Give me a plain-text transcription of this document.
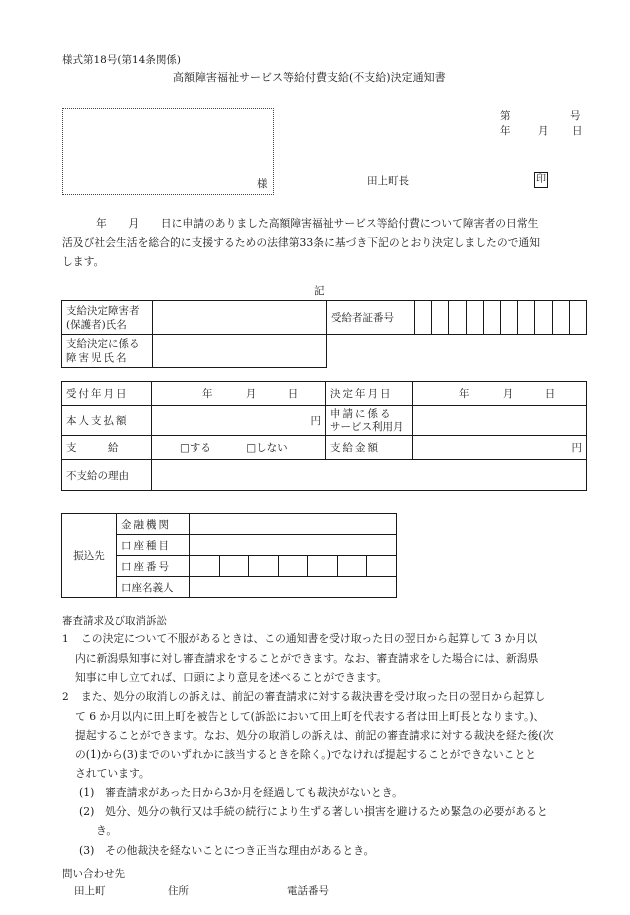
様式第18号(第14条関係)
高額障害福祉サービス等給付費支給(不支給)決定通知書
第	号
年	月 日
様	田上町長	印
年　　月　　日に申請のありました高額障害福祉サービス等給付費について障害者の日常生
活及び社会生活を総合的に支援するための法律第33条に基づき下記のとおり決定しましたので通知
します。
記
支給決定障害者
(保護者)氏名		受給者証番号										
支給決定に係る
障害児氏名												
受付年月日	年 月 日	決定年月日	年 月 日
本人支払額	円	申請に係る
サービス利用月	
支　　　給	□する □しない	支給金額	円
不支給の理由			
振込先	金融機関							
	口座種目							
	口座番号							
	口座名義人							
審査請求及び取消訴訟
1 この決定について不服があるときは、この通知書を受け取った日の翌日から起算して 3 か月以
内に新潟県知事に対し審査請求をすることができます。なお、審査請求をした場合には、新潟県
知事に申し立てれば、口頭により意見を述べることができます。
2 また、処分の取消しの訴えは、前記の審査請求に対する裁決書を受け取った日の翌日から起算し
て 6 か月以内に田上町を被告として(訴訟において田上町を代表する者は田上町長となります。)、
提起することができます。なお、処分の取消しの訴えは、前記の審査請求に対する裁決を経た後(次
の(1)から(3)までのいずれかに該当するときを除く。)でなければ提起することができないことと
されています。
(1)　審査請求があった日から3か月を経過しても裁決がないとき。
(2)　処分、処分の執行又は手続の続行により生ずる著しい損害を避けるため緊急の必要があると
き。
(3)　その他裁決を経ないことにつき正当な理由があるとき。
問い合わせ先
田上町	住所	電話番号
